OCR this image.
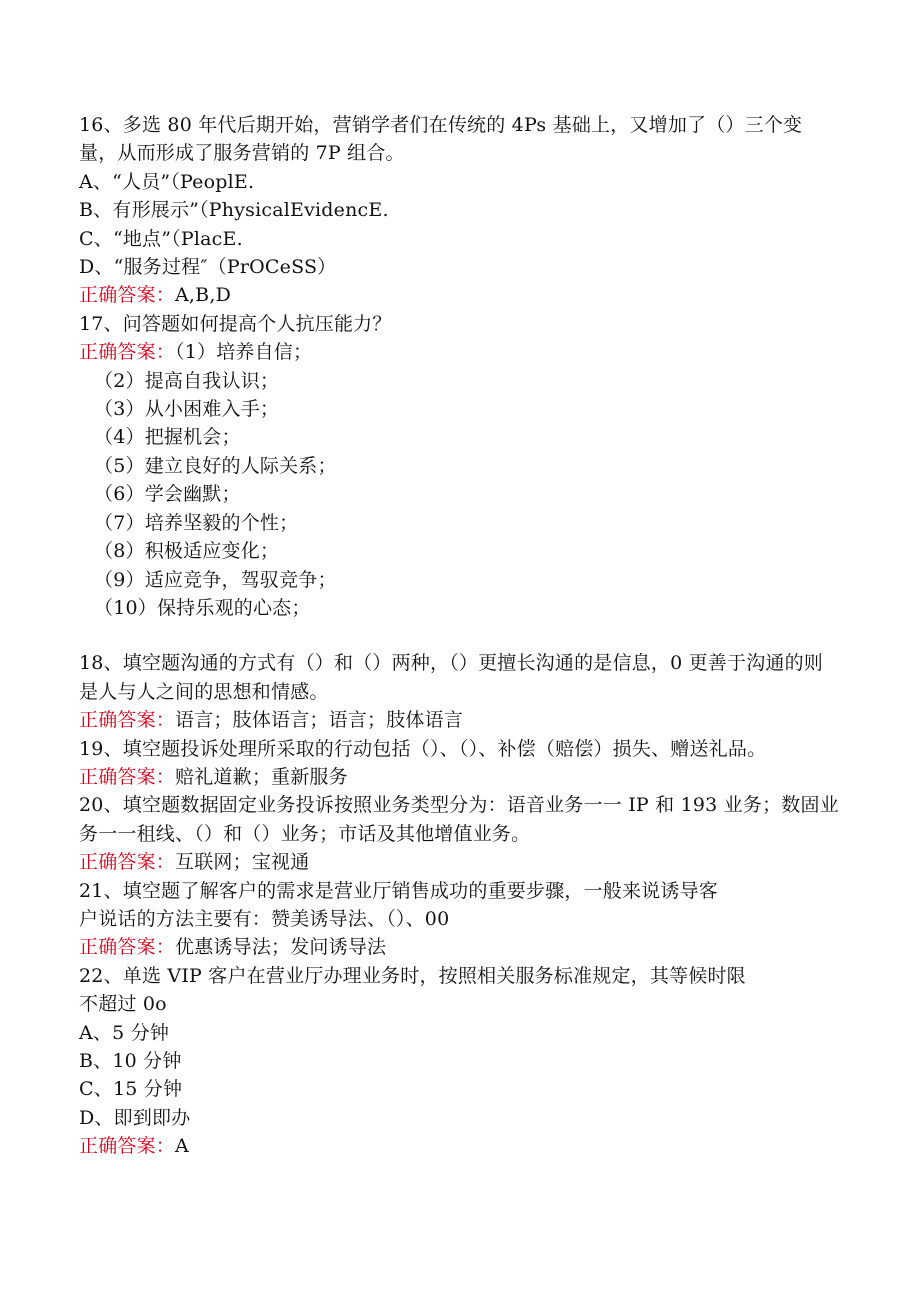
16、多选 80 年代后期开始，营销学者们在传统的 4Ps 基础上，又增加了（）三个变量，从而形成了服务营销的 7P 组合。
A、“人员”（PeoplE.
B、有形展示”（PhysicalEvidencE.
C、“地点”（PlacE.
D、“服务过程″（PrOCeSS）
正确答案：A,B,D
17、问答题如何提高个人抗压能力？
正确答案：（1）培养自信；
（2）提高自我认识；
（3）从小困难入手；
（4）把握机会；
（5）建立良好的人际关系；
（6）学会幽默；
（7）培养坚毅的个性；
（8）积极适应变化；
（9）适应竞争，驾驭竞争；
（10）保持乐观的心态；
18、填空题沟通的方式有（）和（）两种，（）更擅长沟通的是信息，0 更善于沟通的则是人与人之间的思想和情感。
正确答案：语言；肢体语言；语言；肢体语言
19、填空题投诉处理所采取的行动包括（）、（）、补偿（赔偿）损失、赠送礼品。
正确答案：赔礼道歉；重新服务
20、填空题数据固定业务投诉按照业务类型分为：语音业务一一 IP 和 193 业务；数固业务一一租线、（）和（）业务；市话及其他增值业务。
正确答案：互联网；宝视通
21、填空题了解客户的需求是营业厅销售成功的重要步骤，一般来说诱导客
户说话的方法主要有：赞美诱导法、（）、00
正确答案：优惠诱导法；发问诱导法
22、单选 VIP 客户在营业厅办理业务时，按照相关服务标准规定，其等候时限
不超过 0o
A、5 分钟
B、10 分钟
C、15 分钟
D、即到即办
正确答案：A
